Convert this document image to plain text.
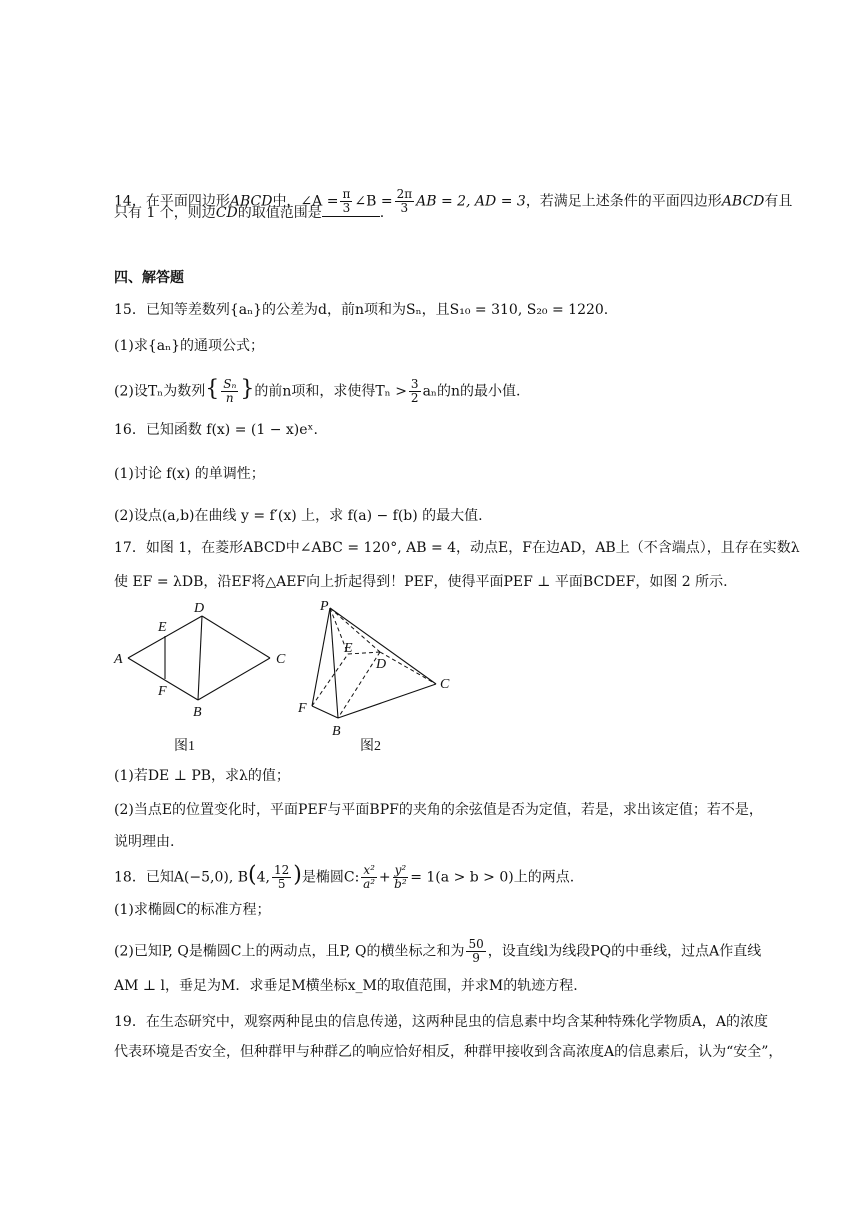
14．在平面四边形ABCD中，∠A = $\frac{\pi}{3}$ ∠B = $\frac{2\pi}{3}$ AB = 2, AD = 3，若满足上述条件的平面四边形ABCD有且
只有 1 个，则边CD的取值范围是	.
四、解答题
15．已知等差数列{aₙ}的公差为d，前n项和为Sₙ，且S₁₀ = 310, S₂₀ = 1220.
(1)求{aₙ}的通项公式；
(2)设Tₙ为数列{ $\frac{\text{Sₙ}}{n}$ }的前n项和，求使得$T_n > \frac{3}{2}$ aₙ的n的最小值.
16．已知函数 f(x) = (1 − x)eˣ.
(1)讨论 f(x) 的单调性；
(2)设点(a,b)在曲线 y = f′(x) 上，求 f(a) − f(b) 的最大值.
17．如图 1，在菱形ABCD中∠ABC = 120°, AB = 4，动点E，F在边AD，AB上（不含端点），且存在实数λ
使 EF = λDB，沿EF将△AEF向上折起得到！PEF，使得平面PEF ⊥ 平面BCDEF，如图 2 所示.
A
D
E
F
B
C
图1
P
E
D
C
F
B
图2
(1)若DE ⊥ PB，求λ的值；
(2)当点E的位置变化时，平面PEF与平面BPF的夹角的余弦值是否为定值，若是，求出该定值；若不是，
说明理由.
18．已知A(−5,0), B(4, $\frac{12}{5}$ )是椭圆C: $\frac{\text{x²}}{\text{a²}} + \frac{\text{y²}}{\text{b²}} = 1(a > b > 0)$上的两点.
(1)求椭圆C的标准方程；
(2)已知P, Q是椭圆C上的两动点，且P, Q的横坐标之和为 $\frac{50}{9}$ ，设直线l为线段PQ的中垂线，过点A作直线
AM ⊥ l，垂足为M．求垂足M横坐标x_M的取值范围，并求M的轨迹方程.
19．在生态研究中，观察两种昆虫的信息传递，这两种昆虫的信息素中均含某种特殊化学物质A，A的浓度
代表环境是否安全，但种群甲与种群乙的响应恰好相反，种群甲接收到含高浓度A的信息素后，认为“安全”，
